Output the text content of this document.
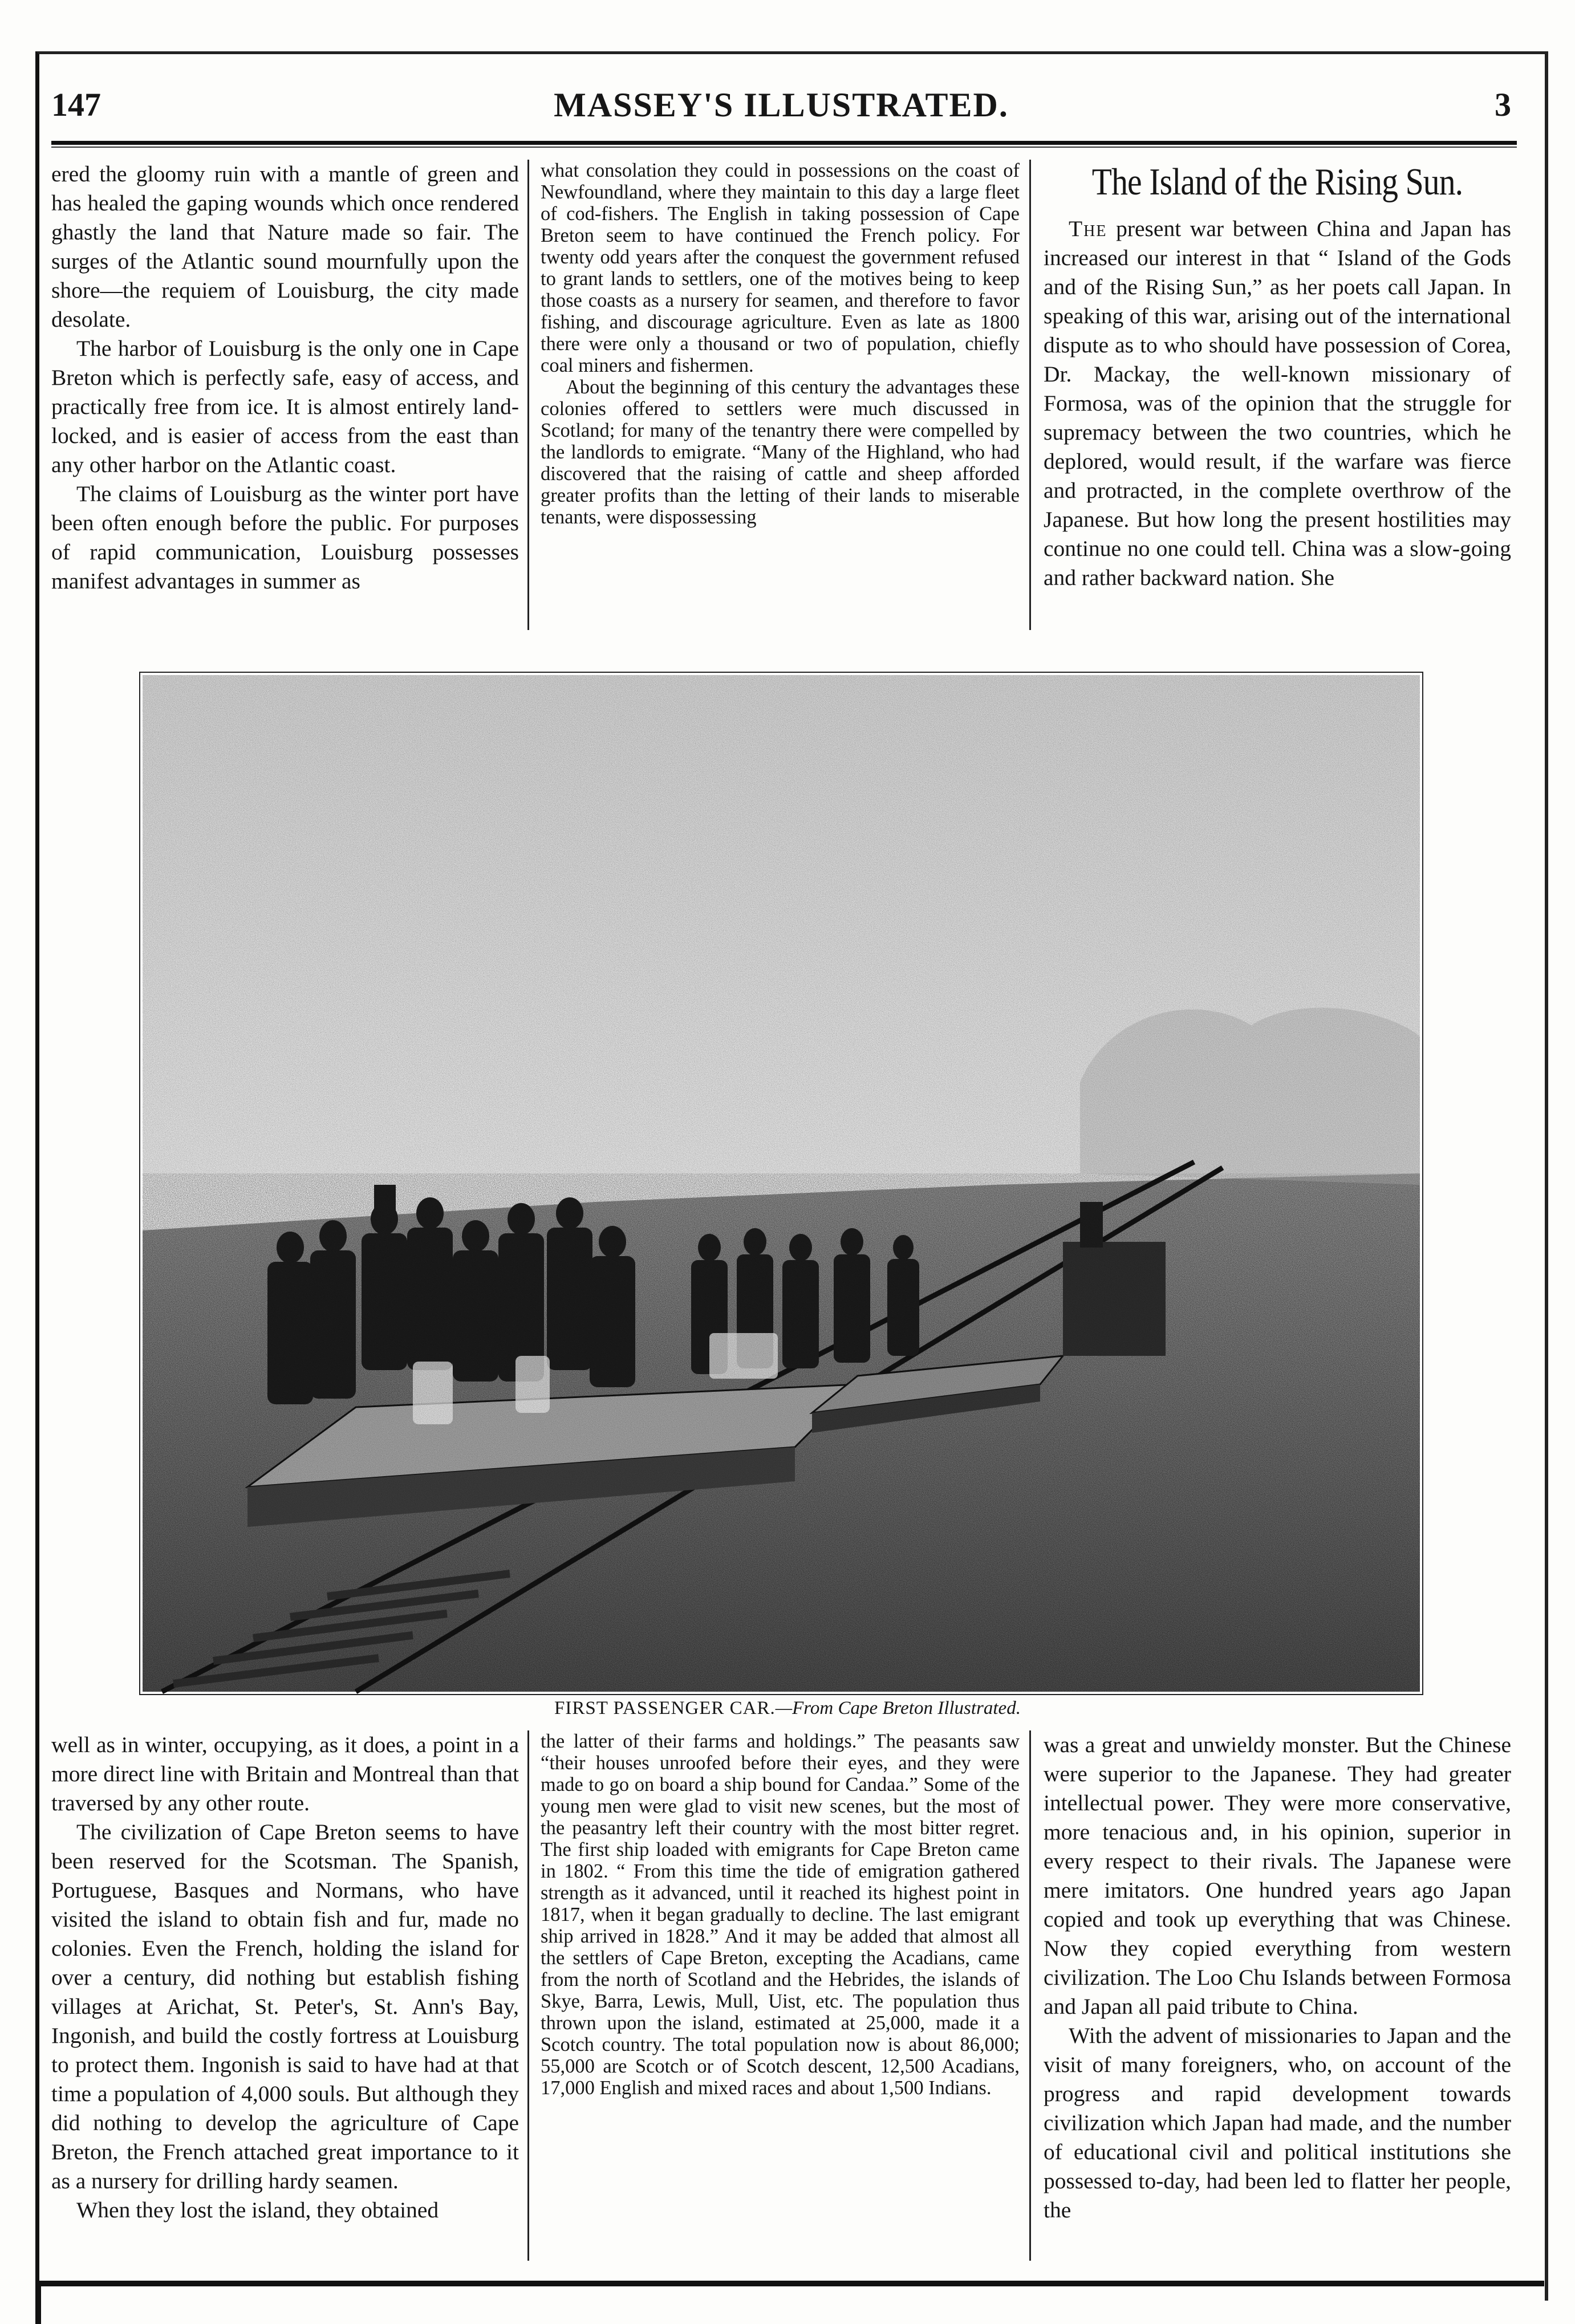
147	MASSEY'S ILLUSTRATED.	3

ered the gloomy ruin with a mantle of green and has healed the gaping wounds which once rendered ghastly the land that Nature made so fair. The surges of the Atlantic sound mournfully upon the shore—the requiem of Louisburg, the city made desolate.

The harbor of Louisburg is the only one in Cape Breton which is perfectly safe, easy of access, and practically free from ice. It is almost entirely land-locked, and is easier of access from the east than any other harbor on the Atlantic coast.

The claims of Louisburg as the winter port have been often enough before the public. For purposes of rapid communication, Louisburg possesses manifest advantages in summer as

what consolation they could in possessions on the coast of Newfoundland, where they maintain to this day a large fleet of cod-fishers. The English in taking possession of Cape Breton seem to have continued the French policy. For twenty odd years after the conquest the government refused to grant lands to settlers, one of the motives being to keep those coasts as a nursery for seamen, and therefore to favor fishing, and discourage agriculture. Even as late as 1800 there were only a thousand or two of population, chiefly coal miners and fishermen.

About the beginning of this century the advantages these colonies offered to settlers were much discussed in Scotland; for many of the tenantry there were compelled by the landlords to emigrate. “Many of the Highland, who had discovered that the raising of cattle and sheep afforded greater profits than the letting of their lands to miserable tenants, were dispossessing

The Island of the Rising Sun.

The present war between China and Japan has increased our interest in that “ Island of the Gods and of the Rising Sun,” as her poets call Japan. In speaking of this war, arising out of the international dispute as to who should have possession of Corea, Dr. Mackay, the well-known missionary of Formosa, was of the opinion that the struggle for supremacy between the two countries, which he deplored, would result, if the warfare was fierce and protracted, in the complete overthrow of the Japanese. But how long the present hostilities may continue no one could tell. China was a slow-going and rather backward nation. She

FIRST PASSENGER CAR.—From Cape Breton Illustrated.

well as in winter, occupying, as it does, a point in a more direct line with Britain and Montreal than that traversed by any other route.

The civilization of Cape Breton seems to have been reserved for the Scotsman. The Spanish, Portuguese, Basques and Normans, who have visited the island to obtain fish and fur, made no colonies. Even the French, holding the island for over a century, did nothing but establish fishing villages at Arichat, St. Peter's, St. Ann's Bay, Ingonish, and build the costly fortress at Louisburg to protect them. Ingonish is said to have had at that time a population of 4,000 souls. But although they did nothing to develop the agriculture of Cape Breton, the French attached great importance to it as a nursery for drilling hardy seamen.

When they lost the island, they obtained

the latter of their farms and holdings.” The peasants saw “their houses unroofed before their eyes, and they were made to go on board a ship bound for Candaa.” Some of the young men were glad to visit new scenes, but the most of the peasantry left their country with the most bitter regret. The first ship loaded with emigrants for Cape Breton came in 1802. “ From this time the tide of emigration gathered strength as it advanced, until it reached its highest point in 1817, when it began gradually to decline. The last emigrant ship arrived in 1828.” And it may be added that almost all the settlers of Cape Breton, excepting the Acadians, came from the north of Scotland and the Hebrides, the islands of Skye, Barra, Lewis, Mull, Uist, etc. The population thus thrown upon the island, estimated at 25,000, made it a Scotch country. The total population now is about 86,000; 55,000 are Scotch or of Scotch descent, 12,500 Acadians, 17,000 English and mixed races and about 1,500 Indians.

was a great and unwieldy monster. But the Chinese were superior to the Japanese. They had greater intellectual power. They were more conservative, more tenacious and, in his opinion, superior in every respect to their rivals. The Japanese were mere imitators. One hundred years ago Japan copied and took up everything that was Chinese. Now they copied everything from western civilization. The Loo Chu Islands between Formosa and Japan all paid tribute to China.

With the advent of missionaries to Japan and the visit of many foreigners, who, on account of the progress and rapid development towards civilization which Japan had made, and the number of educational civil and political institutions she possessed to-day, had been led to flatter her people, the
